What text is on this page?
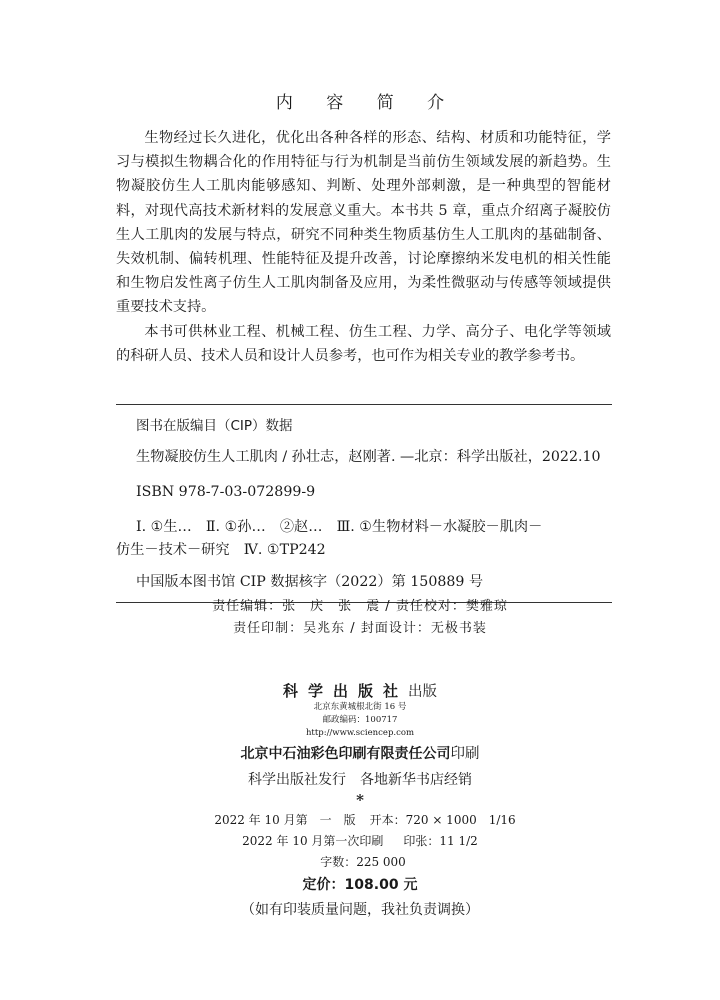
内 容 简 介

生物经过长久进化，优化出各种各样的形态、结构、材质和功能特征，学习与模拟生物耦合化的作用特征与行为机制是当前仿生领域发展的新趋势。生物凝胶仿生人工肌肉能够感知、判断、处理外部刺激，是一种典型的智能材料，对现代高技术新材料的发展意义重大。本书共 5 章，重点介绍离子凝胶仿生人工肌肉的发展与特点，研究不同种类生物质基仿生人工肌肉的基础制备、失效机制、偏转机理、性能特征及提升改善，讨论摩擦纳米发电机的相关性能和生物启发性离子仿生人工肌肉制备及应用，为柔性微驱动与传感等领域提供重要技术支持。

本书可供林业工程、机械工程、仿生工程、力学、高分子、电化学等领域的科研人员、技术人员和设计人员参考，也可作为相关专业的教学参考书。

图书在版编目（CIP）数据
生物凝胶仿生人工肌肉 / 孙壮志，赵刚著. —北京：科学出版社，2022.10
ISBN 978-7-03-072899-9
Ⅰ. ①生…　Ⅱ. ①孙…　②赵…　Ⅲ. ①生物材料－水凝胶－肌肉－
仿生－技术－研究　Ⅳ. ①TP242
中国版本图书馆 CIP 数据核字（2022）第 150889 号
责任编辑：张　庆　张　震 / 责任校对：樊雅琼
责任印制：吴兆东 / 封面设计：无极书装
科学出版社出版
北京东黄城根北街 16 号
邮政编码：100717
http://www.sciencep.com
北京中石油彩色印刷有限责任公司印刷
科学出版社发行　各地新华书店经销
*
2022 年 10 月第　一　版 开本：720 × 1000　1/16
2022 年 10 月第一次印刷 印张：11 1/2
字数：225 000
定价：108.00 元
（如有印装质量问题，我社负责调换）
